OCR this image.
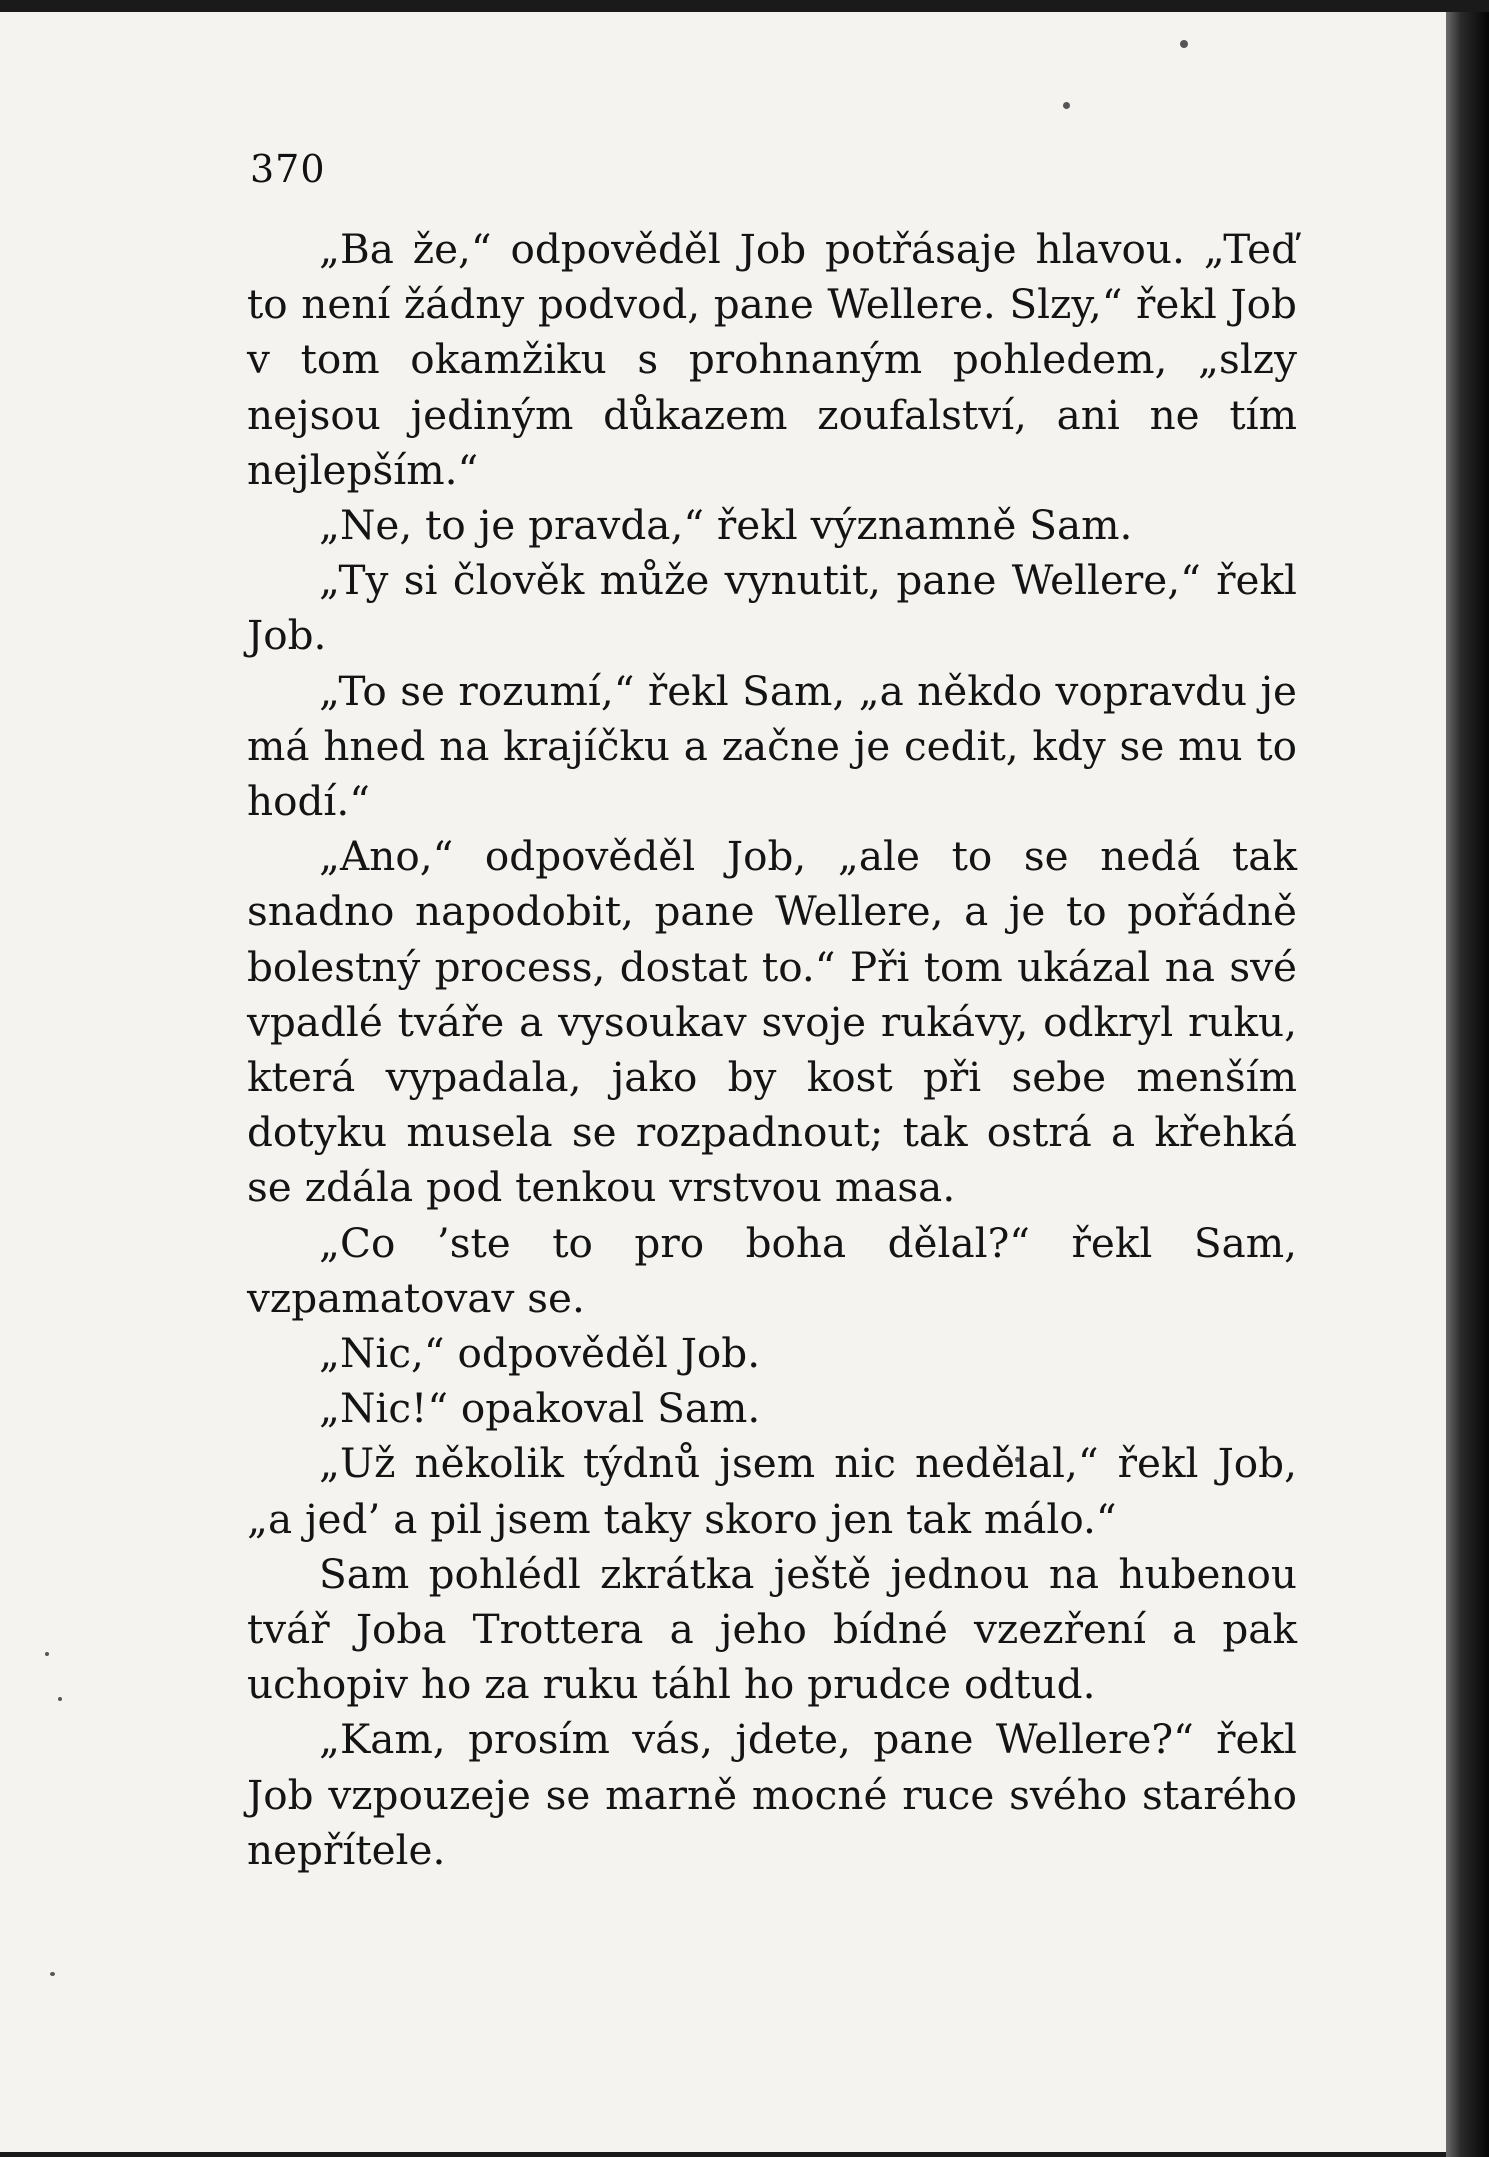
370

„Ba že,“ odpověděl Job potřásaje hlavou. „Teď to není žádny podvod, pane Wellere. Slzy,“ řekl Job v tom okamžiku s prohnaným pohledem, „slzy nejsou jediným důkazem zoufalství, ani ne tím nejlepším.“

„Ne, to je pravda,“ řekl významně Sam.

„Ty si člověk může vynutit, pane Wellere,“ řekl Job.

„To se rozumí,“ řekl Sam, „a někdo vopravdu je má hned na krajíčku a začne je cedit, kdy se mu to hodí.“

„Ano,“ odpověděl Job, „ale to se nedá tak snadno napodobit, pane Wellere, a je to pořádně bolestný process, dostat to.“ Při tom ukázal na své vpadlé tváře a vysoukav svoje rukávy, odkryl ruku, která vypadala, jako by kost při sebe menším dotyku musela se rozpadnout; tak ostrá a křehká se zdála pod tenkou vrstvou masa.

„Co ’ste to pro boha dělal?“ řekl Sam, vzpamatovav se.

„Nic,“ odpověděl Job.

„Nic!“ opakoval Sam.

„Už několik týdnů jsem nic nedělal,“ řekl Job, „a jed’ a pil jsem taky skoro jen tak málo.“

Sam pohlédl zkrátka ještě jednou na hubenou tvář Joba Trottera a jeho bídné vzezření a pak uchopiv ho za ruku táhl ho prudce odtud.

„Kam, prosím vás, jdete, pane Wellere?“ řekl Job vzpouzeje se marně mocné ruce svého starého nepřítele.
